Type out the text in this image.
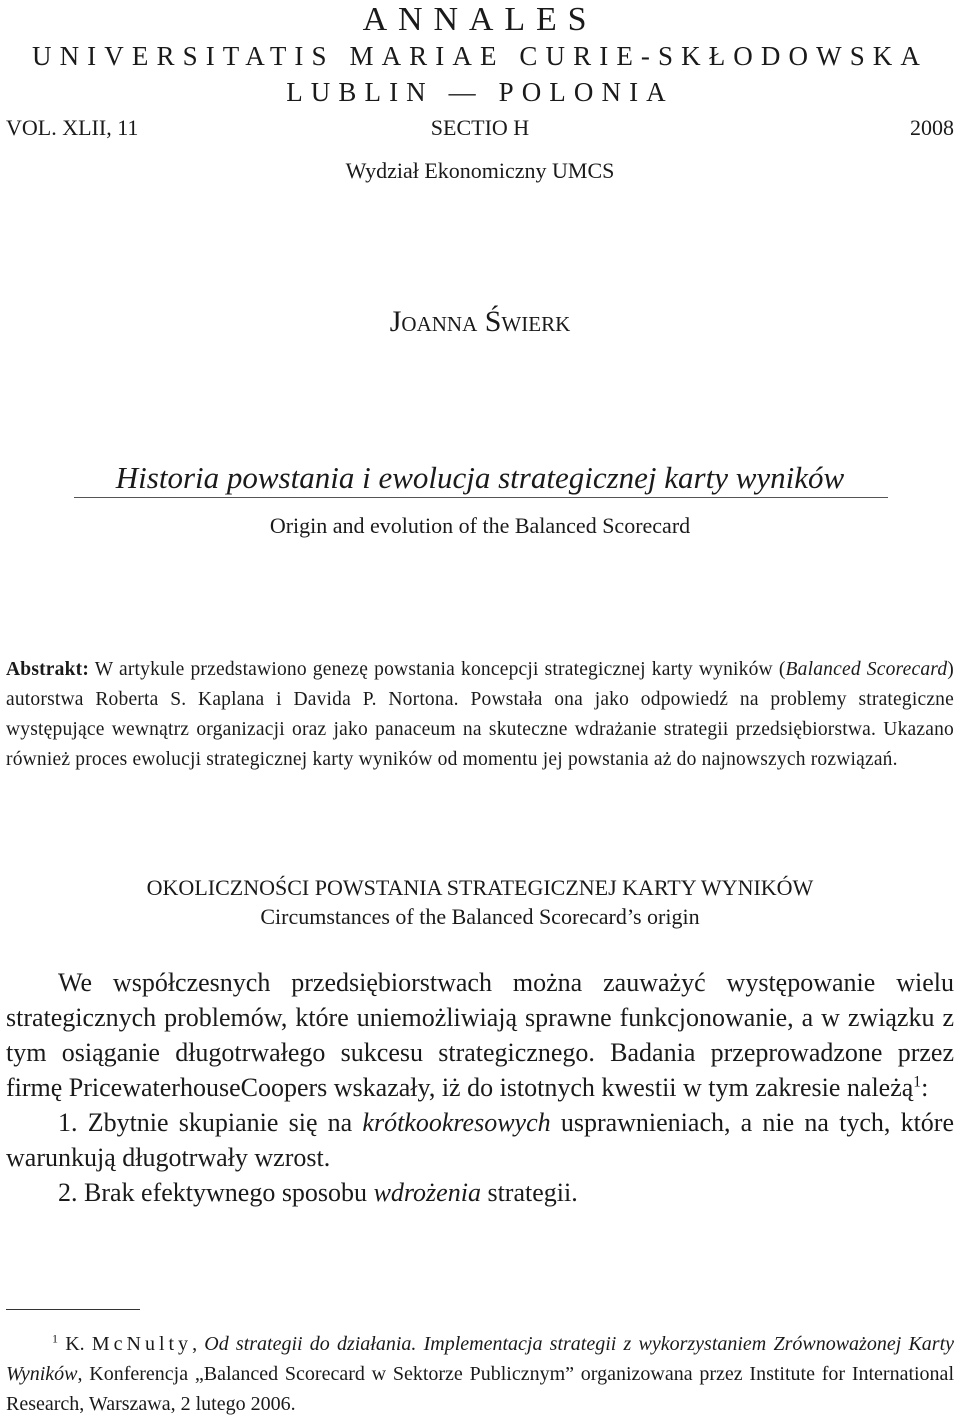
ANNALES
UNIVERSITATIS MARIAE CURIE-SKŁODOWSKA
LUBLIN — POLONIA
VOL. XLII, 11	SECTIO H	2008
Wydział Ekonomiczny UMCS
Joanna Świerk
Historia powstania i ewolucja strategicznej karty wyników
Origin and evolution of the Balanced Scorecard
Abstrakt: W artykule przedstawiono genezę powstania koncepcji strategicznej karty wyników (Balanced Scorecard) autorstwa Roberta S. Kaplana i Davida P. Nortona. Powstała ona jako odpowiedź na problemy strategiczne występujące wewnątrz organizacji oraz jako panaceum na skuteczne wdrażanie strategii przedsiębiorstwa. Ukazano również proces ewolucji strategicznej karty wyników od momentu jej powstania aż do najnowszych rozwiązań.
OKOLICZNOŚCI POWSTANIA STRATEGICZNEJ KARTY WYNIKÓW
Circumstances of the Balanced Scorecard’s origin

We współczesnych przedsiębiorstwach można zauważyć występowanie wielu strategicznych problemów, które uniemożliwiają sprawne funkcjonowanie, a w związku z tym osiąganie długotrwałego sukcesu strategicznego. Badania przeprowadzone przez firmę PricewaterhouseCoopers wskazały, iż do istotnych kwestii w tym zakresie należą$^1$:

1. Zbytnie skupianie się na krótkookresowych usprawnieniach, a nie na tych, które warunkują długotrwały wzrost.

2. Brak efektywnego sposobu wdrożenia strategii.

$^1$ K. McNulty, Od strategii do działania. Implementacja strategii z wykorzystaniem Zrównoważonej Karty Wyników, Konferencja „Balanced Scorecard w Sektorze Publicznym” organizowana przez Institute for International Research, Warszawa, 2 lutego 2006.
